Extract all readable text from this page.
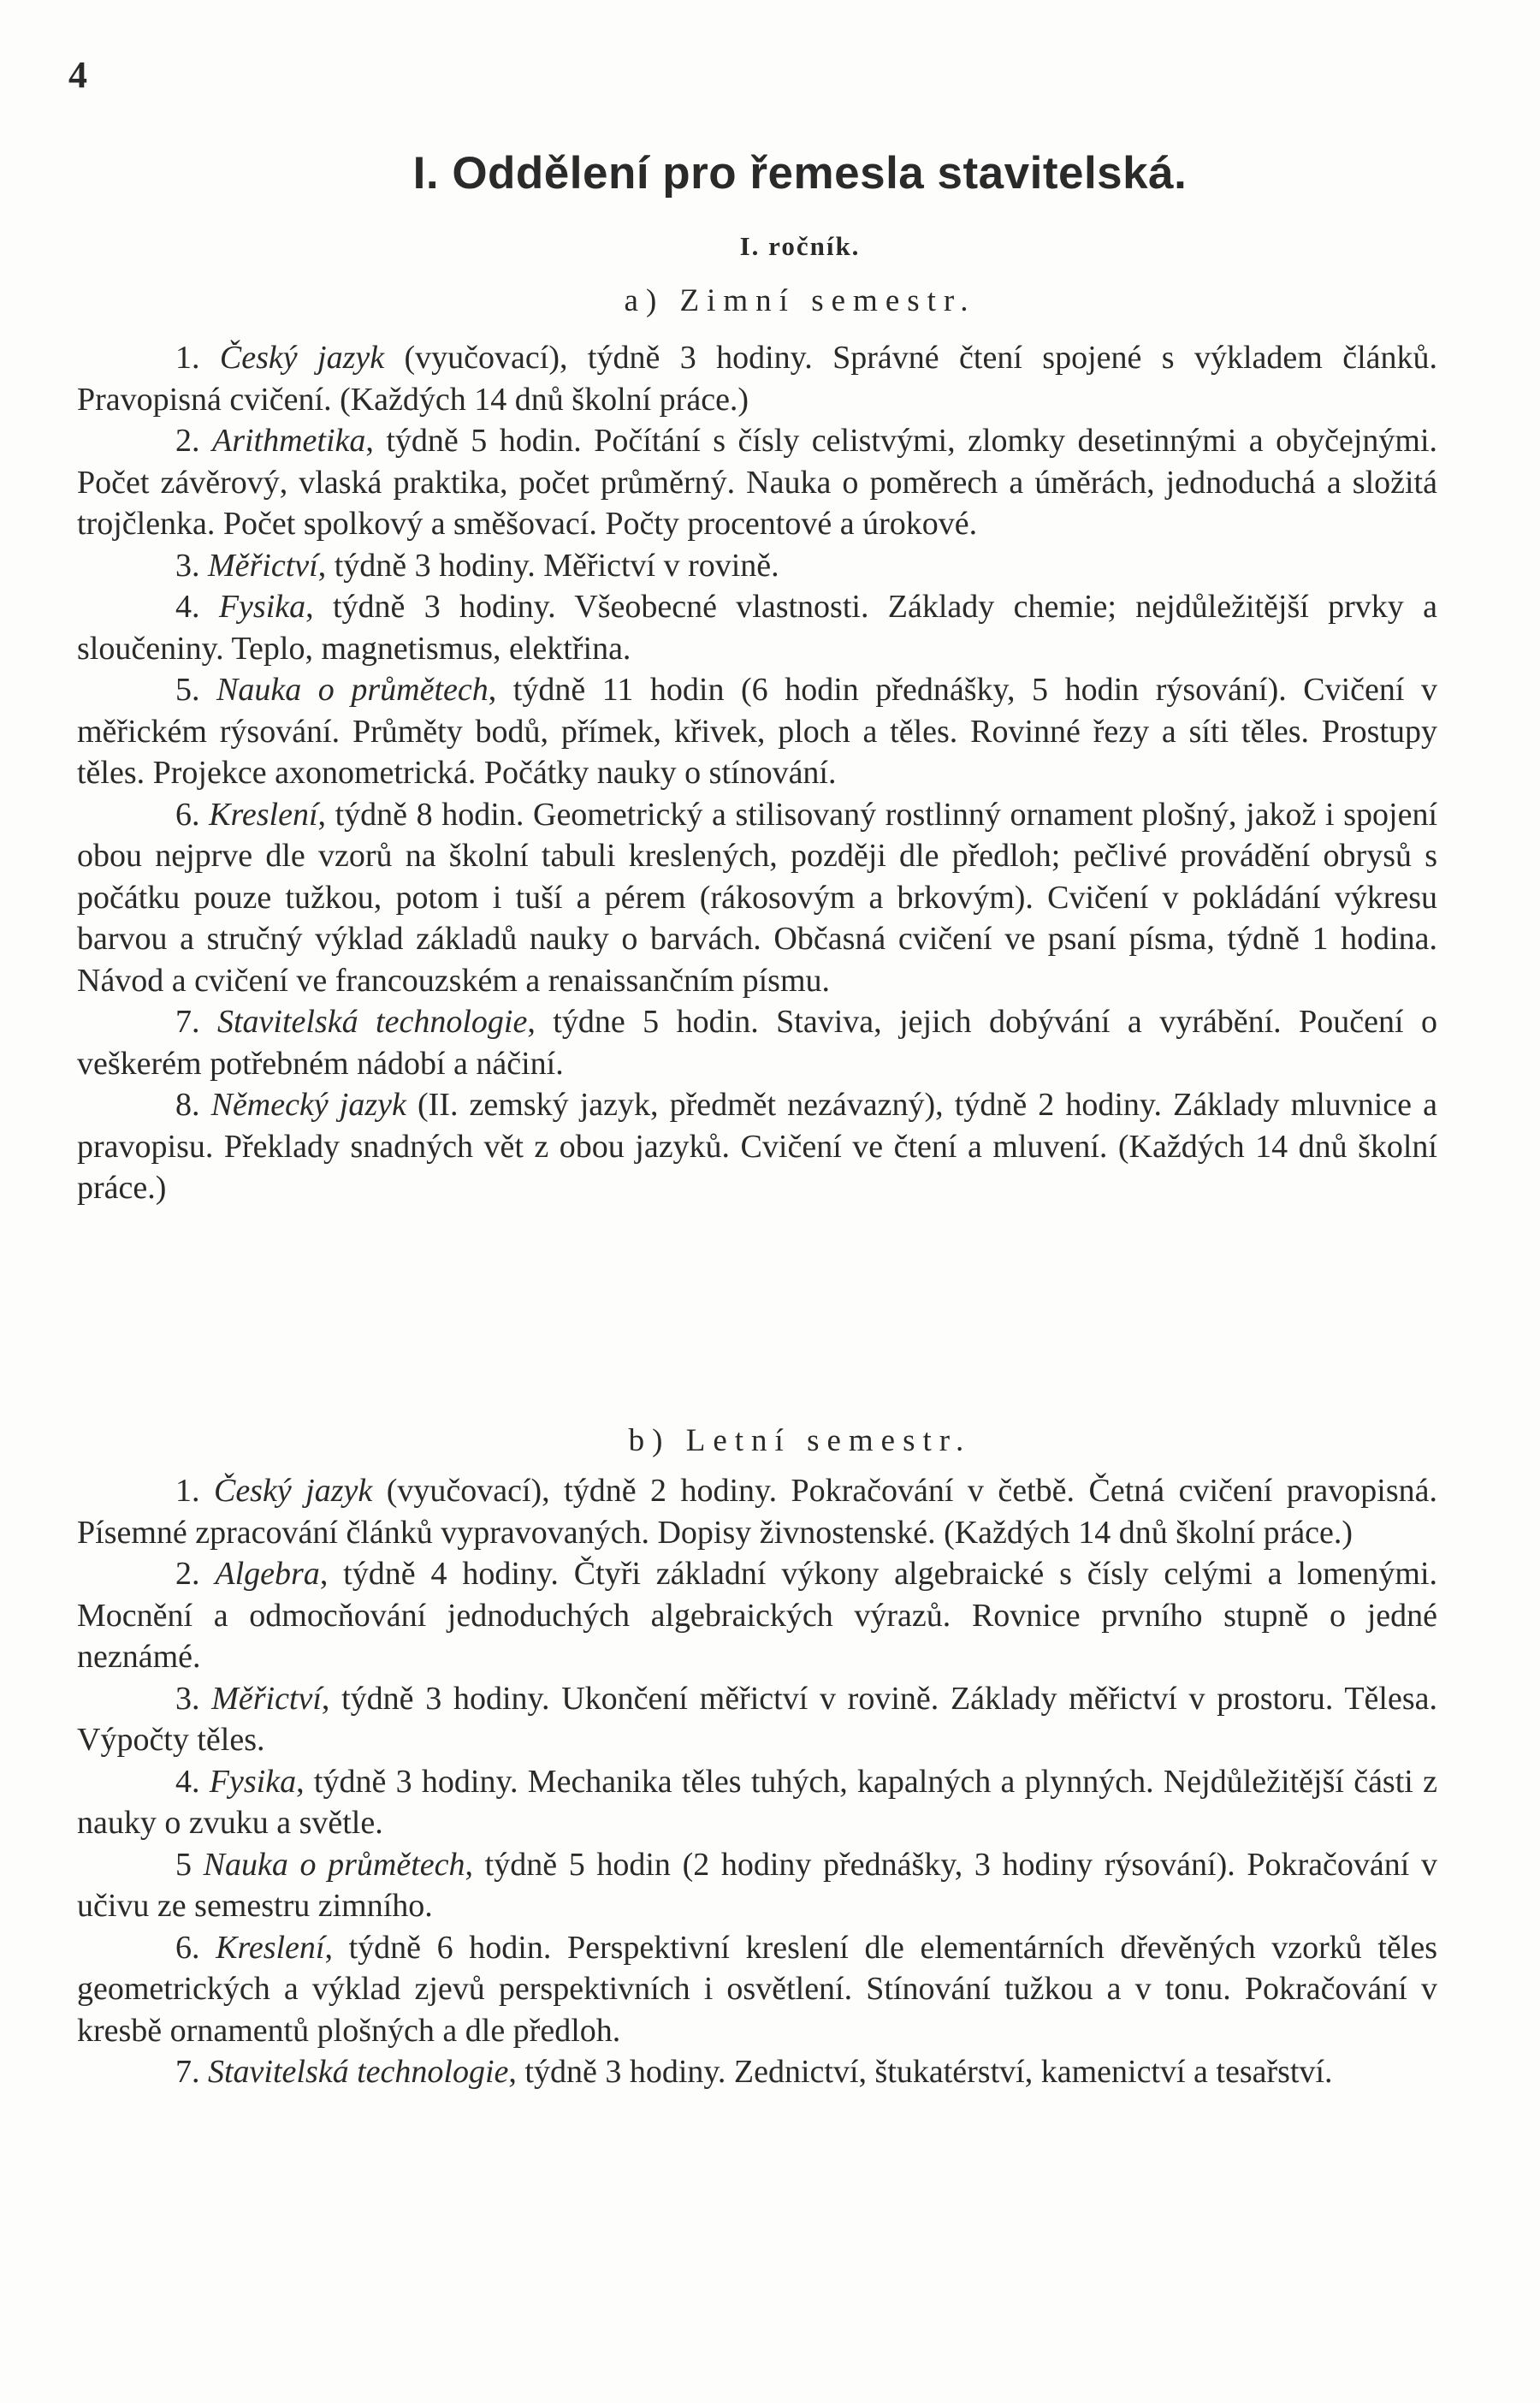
4
I. Oddělení pro řemesla stavitelská.
I. ročník.
a) Zimní semestr.

1. Český jazyk (vyučovací), týdně 3 hodiny. Správné čtení spojené s výkladem článků. Pravopisná cvičení. (Každých 14 dnů školní práce.)

2. Arithmetika, týdně 5 hodin. Počítání s čísly celistvými, zlomky desetinnými a obyčejnými. Počet závěrový, vlaská praktika, počet průměrný. Nauka o poměrech a úměrách, jednoduchá a složitá trojčlenka. Počet spolkový a směšovací. Počty procentové a úrokové.

3. Měřictví, týdně 3 hodiny. Měřictví v rovině.

4. Fysika, týdně 3 hodiny. Všeobecné vlastnosti. Základy chemie; nejdůležitější prvky a sloučeniny. Teplo, magnetismus, elektřina.

5. Nauka o průmětech, týdně 11 hodin (6 hodin přednášky, 5 hodin rýsování). Cvičení v měřickém rýsování. Průměty bodů, přímek, křivek, ploch a těles. Rovinné řezy a síti těles. Prostupy těles. Projekce axonometrická. Počátky nauky o stínování.

6. Kreslení, týdně 8 hodin. Geometrický a stilisovaný rostlinný ornament plošný, jakož i spojení obou nejprve dle vzorů na školní tabuli kreslených, později dle předloh; pečlivé provádění obrysů s počátku pouze tužkou, potom i tuší a pérem (rákosovým a brkovým). Cvičení v pokládání výkresu barvou a stručný výklad základů nauky o barvách. Občasná cvičení ve psaní písma, týdně 1 hodina. Návod a cvičení ve francouzském a renaissančním písmu.

7. Stavitelská technologie, týdne 5 hodin. Staviva, jejich dobývání a vyrábění. Poučení o veškerém potřebném nádobí a náčiní.

8. Německý jazyk (II. zemský jazyk, předmět nezávazný), týdně 2 hodiny. Základy mluvnice a pravopisu. Překlady snadných vět z obou jazyků. Cvičení ve čtení a mluvení. (Každých 14 dnů školní práce.)

b) Letní semestr.

1. Český jazyk (vyučovací), týdně 2 hodiny. Pokračování v četbě. Četná cvičení pravopisná. Písemné zpracování článků vypravovaných. Dopisy živnostenské. (Každých 14 dnů školní práce.)

2. Algebra, týdně 4 hodiny. Čtyři základní výkony algebraické s čísly celými a lomenými. Mocnění a odmocňování jednoduchých algebraických výrazů. Rovnice prvního stupně o jedné neznámé.

3. Měřictví, týdně 3 hodiny. Ukončení měřictví v rovině. Základy měřictví v prostoru. Tělesa. Výpočty těles.

4. Fysika, týdně 3 hodiny. Mechanika těles tuhých, kapalných a plynných. Nejdůležitější části z nauky o zvuku a světle.

5 Nauka o průmětech, týdně 5 hodin (2 hodiny přednášky, 3 hodiny rýsování). Pokračování v učivu ze semestru zimního.

6. Kreslení, týdně 6 hodin. Perspektivní kreslení dle elementárních dřevěných vzorků těles geometrických a výklad zjevů perspektivních i osvětlení. Stínování tužkou a v tonu. Pokračování v kresbě ornamentů plošných a dle předloh.

7. Stavitelská technologie, týdně 3 hodiny. Zednictví, štukatérství, kamenictví a tesařství.
